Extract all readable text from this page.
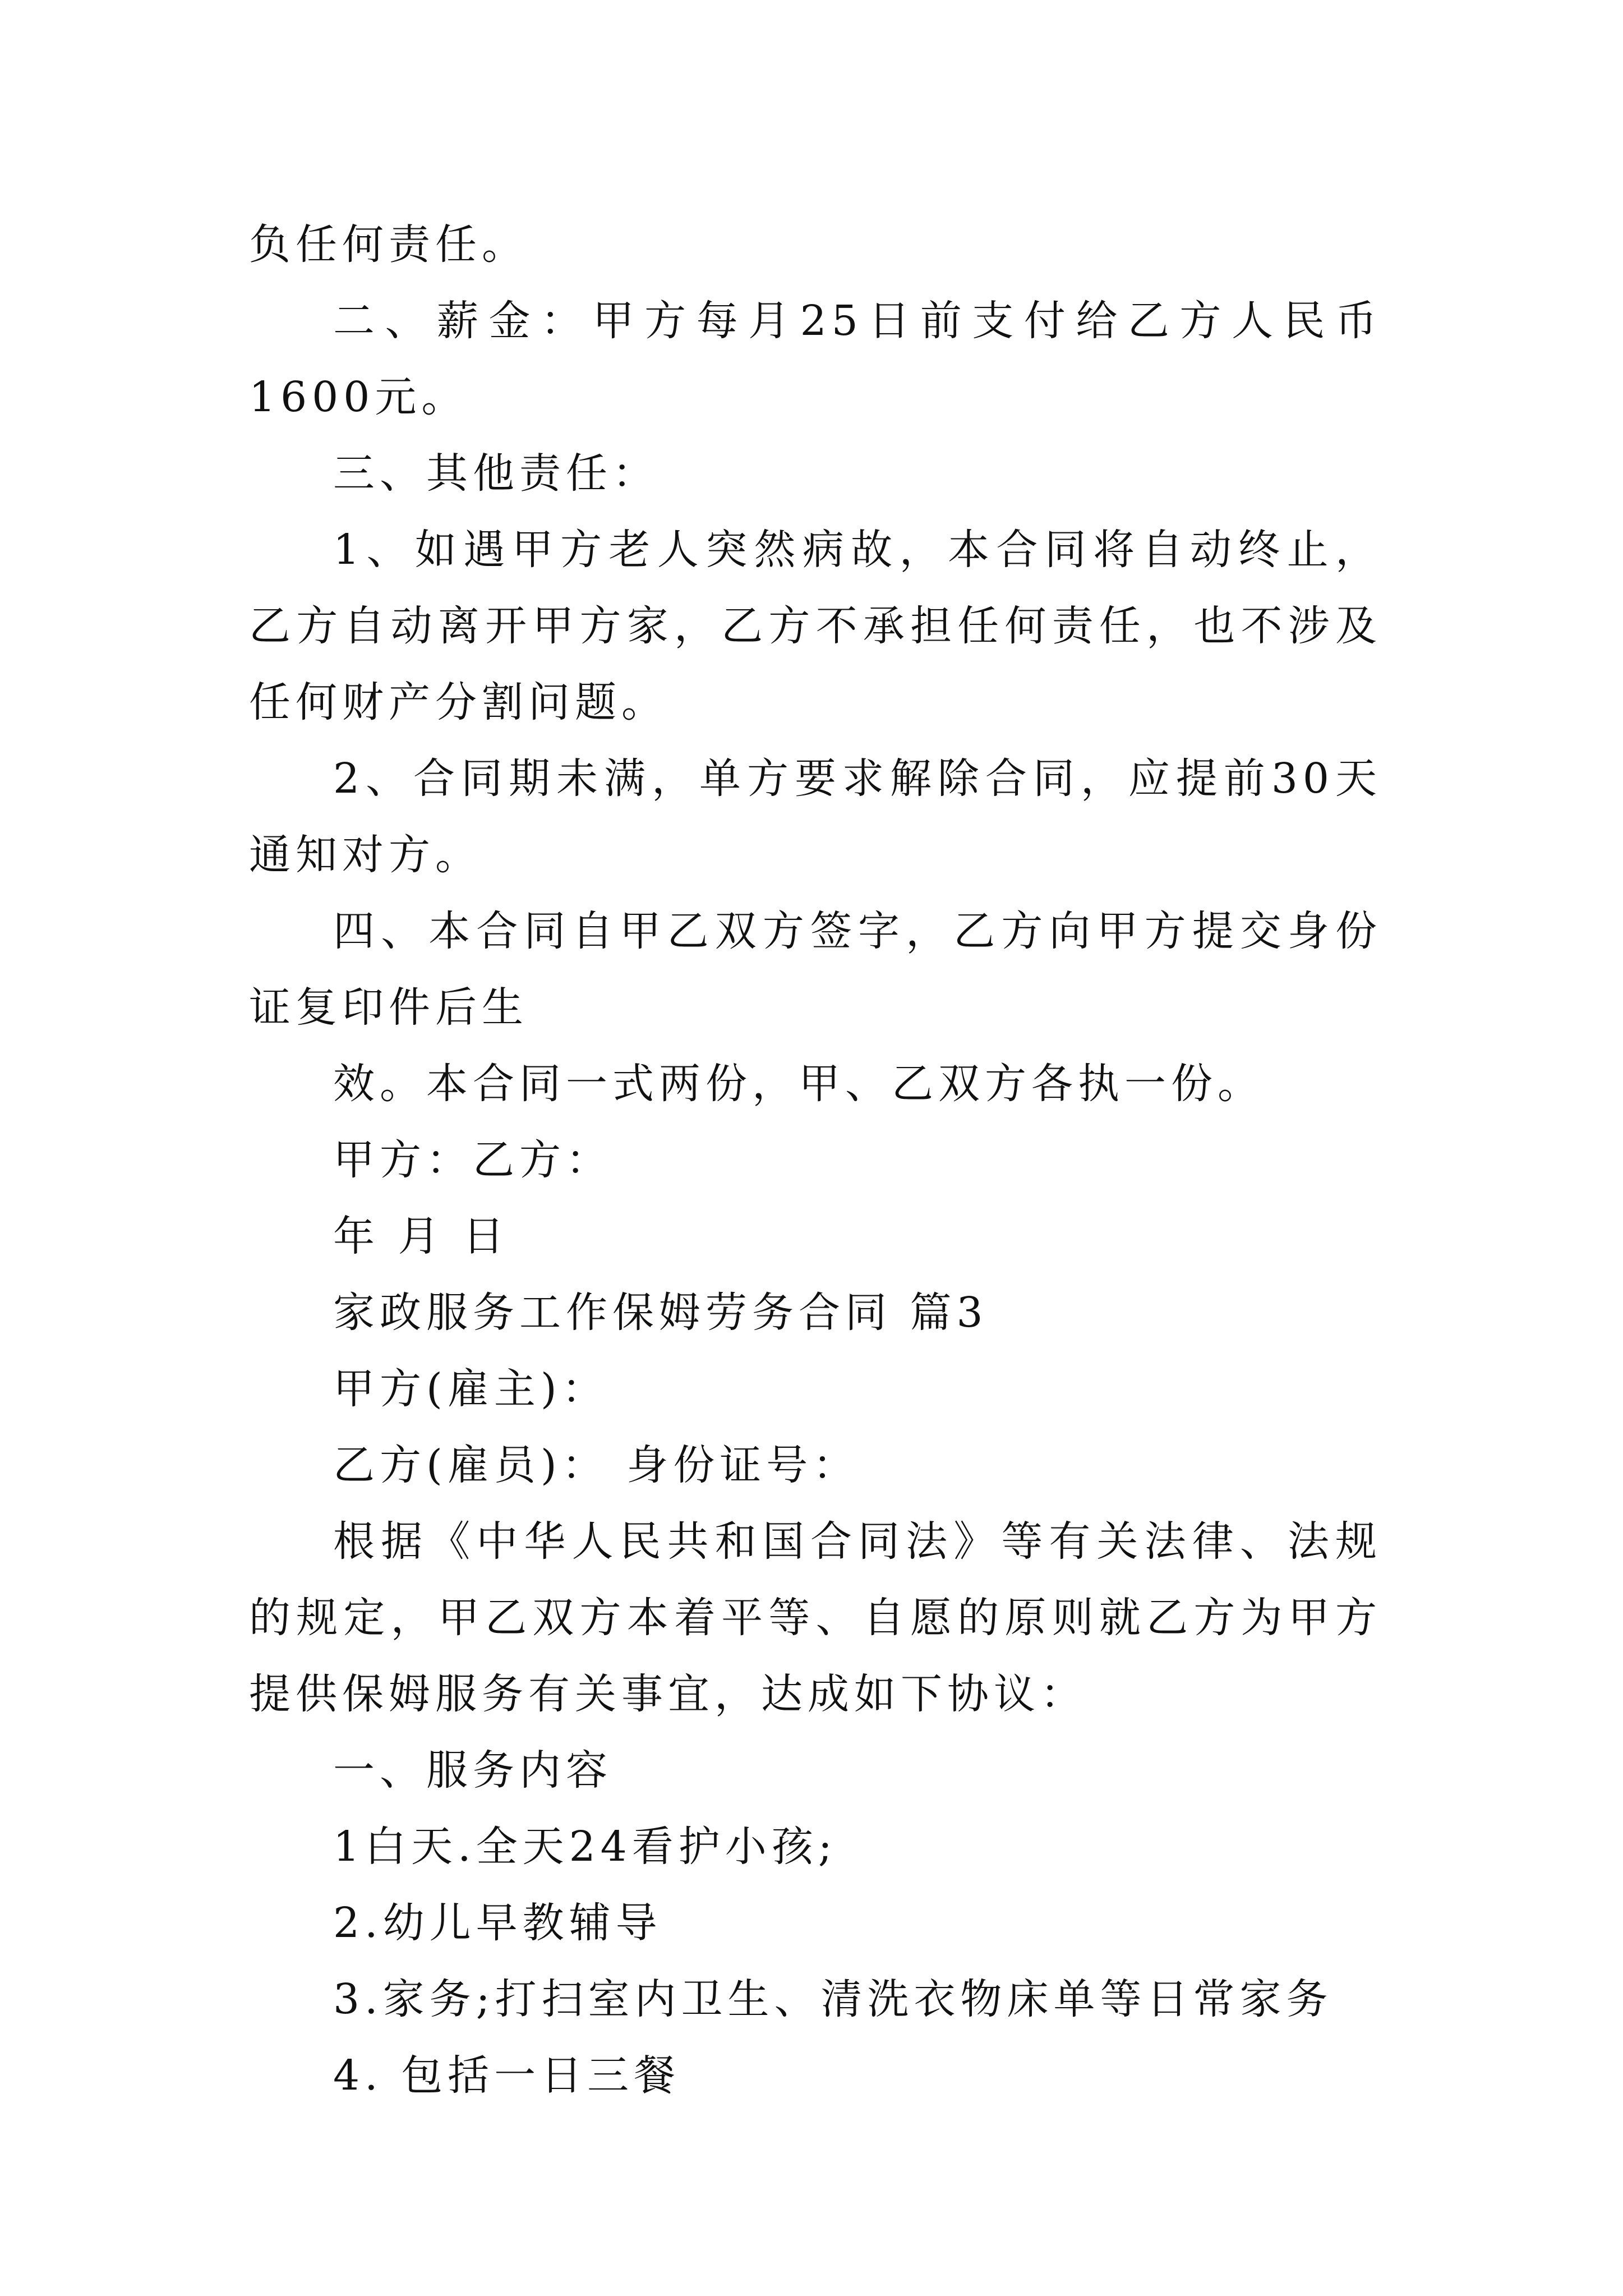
负任何责任。

二、薪金：甲方每月25日前支付给乙方人民币1600元。

三、其他责任：

1、如遇甲方老人突然病故，本合同将自动终止，乙方自动离开甲方家，乙方不承担任何责任，也不涉及任何财产分割问题。

2、合同期未满，单方要求解除合同，应提前30天通知对方。

四、本合同自甲乙双方签字，乙方向甲方提交身份证复印件后生

效。本合同一式两份，甲、乙双方各执一份。

甲方：乙方：

年 月 日

家政服务工作保姆劳务合同 篇3

甲方(雇主)：

乙方(雇员)： 身份证号：

根据《中华人民共和国合同法》等有关法律、法规的规定，甲乙双方本着平等、自愿的原则就乙方为甲方提供保姆服务有关事宜，达成如下协议：

一、服务内容

1白天.全天24看护小孩;

2.幼儿早教辅导

3.家务;打扫室内卫生、清洗衣物床单等日常家务

4. 包括一日三餐
